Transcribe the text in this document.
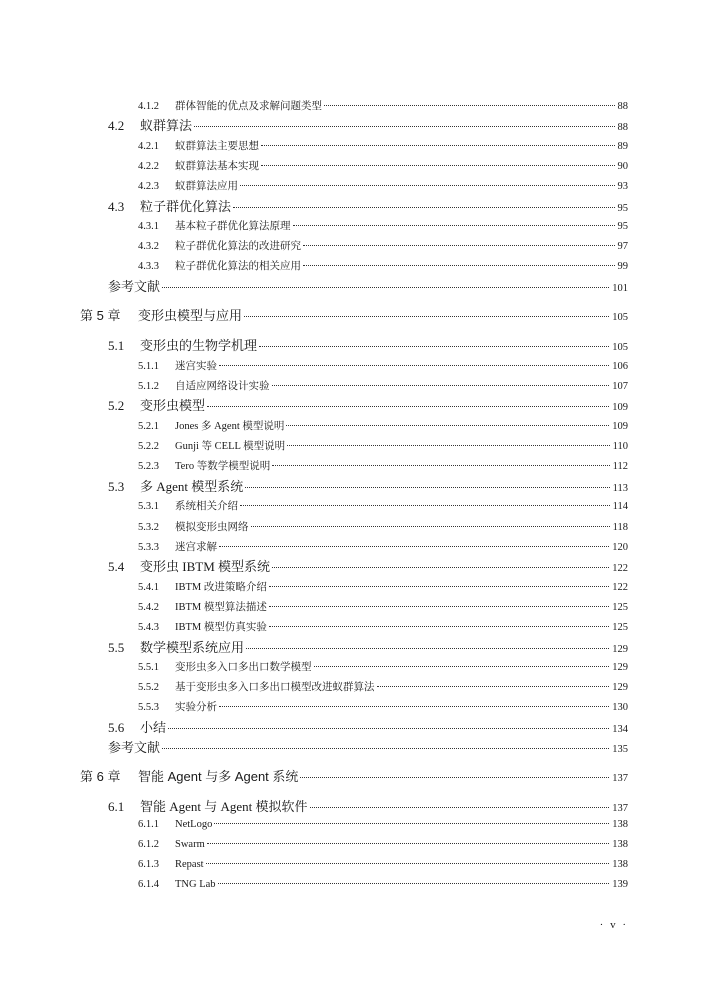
4.1.2	群体智能的优点及求解问题类型	88
4.2	蚁群算法	88
4.2.1	蚁群算法主要思想	89
4.2.2	蚁群算法基本实现	90
4.2.3	蚁群算法应用	93
4.3	粒子群优化算法	95
4.3.1	基本粒子群优化算法原理	95
4.3.2	粒子群优化算法的改进研究	97
4.3.3	粒子群优化算法的相关应用	99
参考文献	101
第 5 章	变形虫模型与应用	105
5.1	变形虫的生物学机理	105
5.1.1	迷宫实验	106
5.1.2	自适应网络设计实验	107
5.2	变形虫模型	109
5.2.1	Jones 多 Agent 模型说明	109
5.2.2	Gunji 等 CELL 模型说明	110
5.2.3	Tero 等数学模型说明	112
5.3	多 Agent 模型系统	113
5.3.1	系统相关介绍	114
5.3.2	模拟变形虫网络	118
5.3.3	迷宫求解	120
5.4	变形虫 IBTM 模型系统	122
5.4.1	IBTM 改进策略介绍	122
5.4.2	IBTM 模型算法描述	125
5.4.3	IBTM 模型仿真实验	125
5.5	数学模型系统应用	129
5.5.1	变形虫多入口多出口数学模型	129
5.5.2	基于变形虫多入口多出口模型改进蚁群算法	129
5.5.3	实验分析	130
5.6	小结	134
参考文献	135
第 6 章	智能 Agent 与多 Agent 系统	137
6.1	智能 Agent 与 Agent 模拟软件	137
6.1.1	NetLogo	138
6.1.2	Swarm	138
6.1.3	Repast	138
6.1.4	TNG Lab	139
· v ·
